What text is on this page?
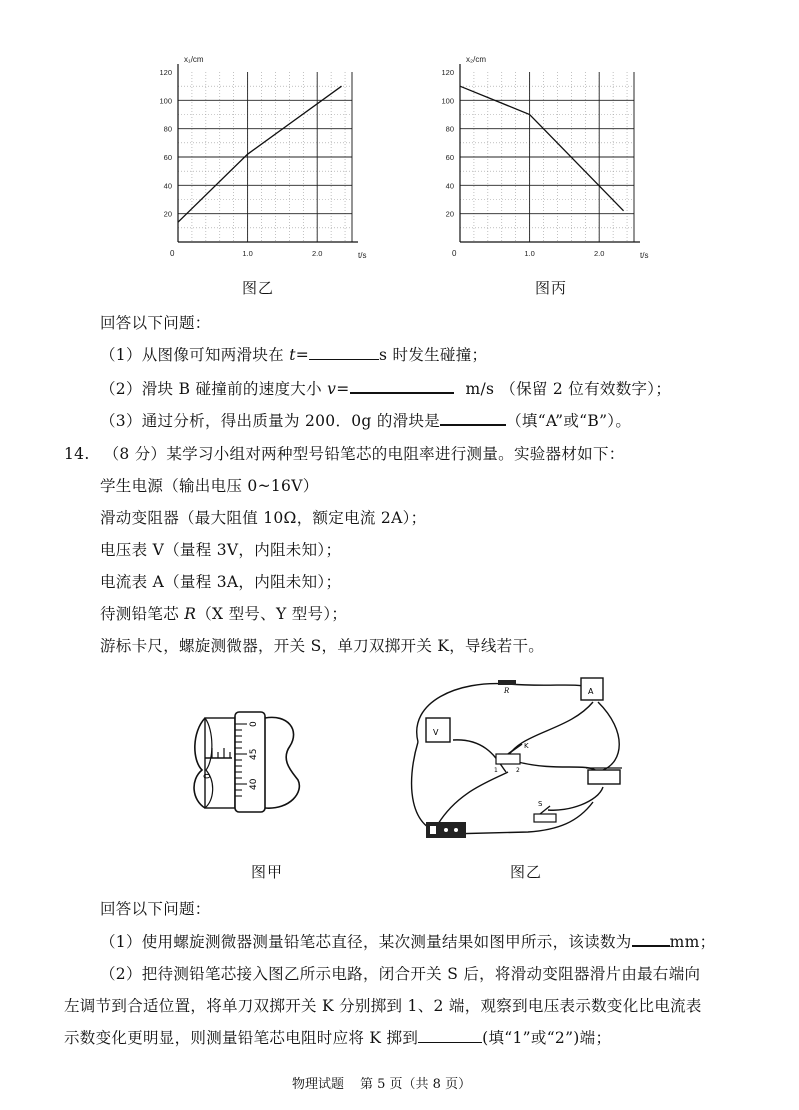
20
40
60
80
100
120
1.0	2.0
x₁/cm
t/s
0
图乙
20
40
60
80
100
120
1.0	2.0
x₂/cm
t/s
0
图丙
回答以下问题：
（1）从图像可知两滑块在 t=	s 时发生碰撞；
（2）滑块 B 碰撞前的速度大小 v=	m/s （保留 2 位有效数字）；
（3）通过分析，得出质量为 200．0g 的滑块是	（填“A”或“B”）。
14. （8 分）某学习小组对两种型号铅笔芯的电阻率进行测量。实验器材如下：
学生电源（输出电压 0~16V）
滑动变阻器（最大阻值 10Ω，额定电流 2A）；
电压表 V（量程 3V，内阻未知）；
电流表 A（量程 3A，内阻未知）；
待测铅笔芯 R（X 型号、Y 型号）；
游标卡尺，螺旋测微器，开关 S，单刀双掷开关 K，导线若干。
0
0
45
40
图甲
A
V
R
K
1	2
S
图乙
回答以下问题：
（1）使用螺旋测微器测量铅笔芯直径，某次测量结果如图甲所示，该读数为 mm；
（2）把待测铅笔芯接入图乙所示电路，闭合开关 S 后，将滑动变阻器滑片由最右端向
左调节到合适位置，将单刀双掷开关 K 分别掷到 1、2 端，观察到电压表示数变化比电流表
示数变化更明显，则测量铅笔芯电阻时应将 K 掷到	(填“1”或“2”)端；
物理试题 第 5 页（共 8 页）
